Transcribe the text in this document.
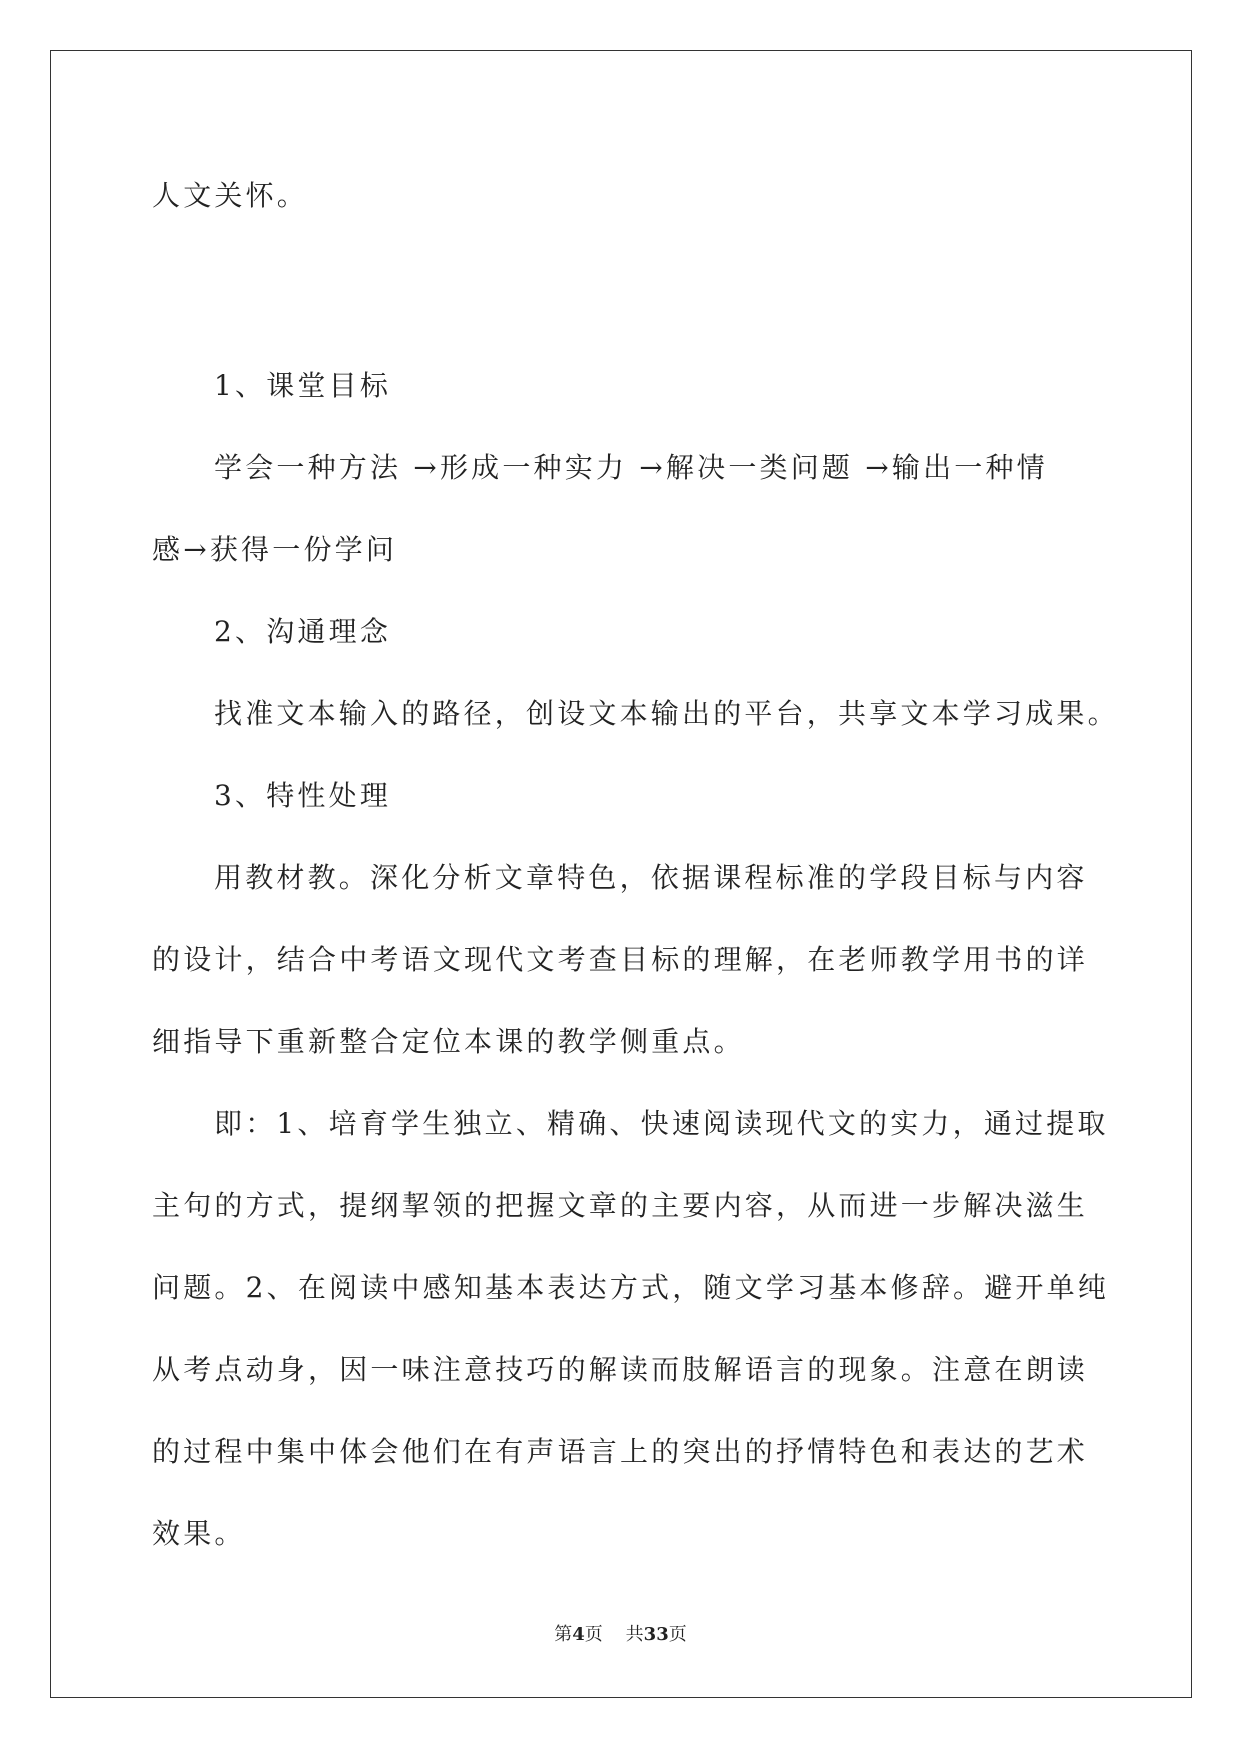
人文关怀。
1、课堂目标
学会一种方法 →形成一种实力 →解决一类问题 →输出一种情
感→获得一份学问
2、沟通理念
找准文本输入的路径，创设文本输出的平台，共享文本学习成果。
3、特性处理
用教材教。深化分析文章特色，依据课程标准的学段目标与内容
的设计，结合中考语文现代文考查目标的理解，在老师教学用书的详
细指导下重新整合定位本课的教学侧重点。
即：1、培育学生独立、精确、快速阅读现代文的实力，通过提取
主句的方式，提纲挈领的把握文章的主要内容，从而进一步解决滋生
问题。2、在阅读中感知基本表达方式，随文学习基本修辞。避开单纯
从考点动身，因一味注意技巧的解读而肢解语言的现象。注意在朗读
的过程中集中体会他们在有声语言上的突出的抒情特色和表达的艺术
效果。
第4页 共33页
